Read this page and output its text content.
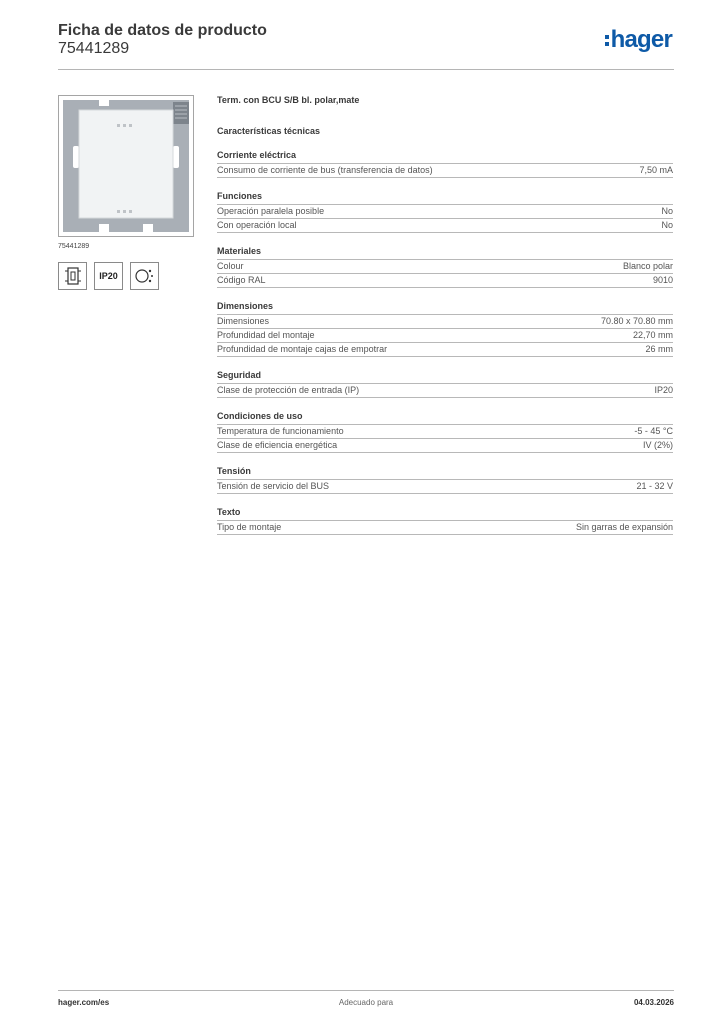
Ficha de datos de producto
75441289	hager
75441289
IP20
Term. con BCU S/B bl. polar,mate
Características técnicas
Corriente eléctrica
Consumo de corriente de bus (transferencia de datos)	7,50 mA
Funciones
Operación paralela posible	No
Con operación local	No
Materiales
Colour	Blanco polar
Código RAL	9010
Dimensiones
Dimensiones	70.80 x 70.80 mm
Profundidad del montaje	22,70 mm
Profundidad de montaje cajas de empotrar	26 mm
Seguridad
Clase de protección de entrada (IP)	IP20
Condiciones de uso
Temperatura de funcionamiento	-5 - 45 °C
Clase de eficiencia energética	IV (2%)
Tensión
Tensión de servicio del BUS	21 - 32 V
Texto
Tipo de montaje	Sin garras de expansión
hager.com/es	Adecuado para	04.03.2026
